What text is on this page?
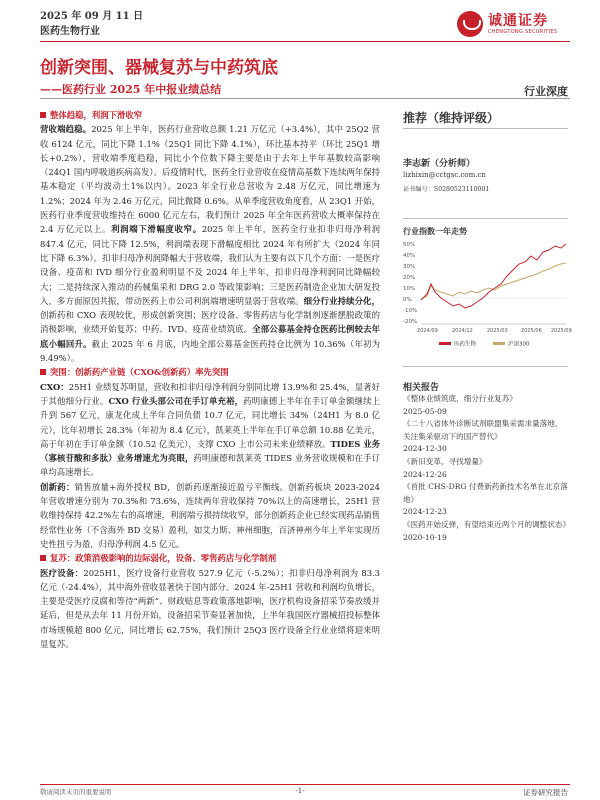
2025 年 09 月 11 日
医药生物行业
诚通证券
CHENGTONG SECURITIES
创新突围、器械复苏与中药筑底
——医药行业 2025 年中报业绩总结	行业深度
整体趋稳，利润下滑收窄

营收端趋稳。2025 年上半年，医药行业营收总额 1.21 万亿元（+3.4%），其中 25Q2 营收 6124 亿元，同比下降 1.1%（25Q1 同比下降 4.1%），环比基本持平（环比 25Q1 增长+0.2%），营收端季度趋稳，同比小个位数下降主要是由于去年上半年基数较高影响（24Q1 国内呼吸道疾病高发）。后疫情时代，医药全行业营收在疫情高基数下连续两年保持基本稳定（平均波动土1%以内）。2023 年全行业总营收为 2.48 万亿元，同比增速为 1.2%；2024 年为 2.46 万亿元，同比微降 0.6%。从单季度营收角度看，从 23Q1 开始，医药行业季度营收维持在 6000 亿元左右，我们预计 2025 年全年医药营收大概率保持在 2.4 万亿元以上。利润端下滑幅度收窄。2025 年上半年，医药全行业扣非归母净利润 847.4 亿元，同比下降 12.5%，利润端表现下滑幅度相比 2024 年有所扩大（2024 年同比下降 6.3%）。扣非归母净利润降幅大于营收端，我们认为主要有以下几个方面：一是医疗设备、疫苗和 IVD 细分行业盈利明显不及 2024 年上半年，扣非归母净利润同比降幅较大；二是持续深入推动的药械集采和 DRG 2.0 等政策影响；三是医药制造企业加大研发投入，多方面原因共振，带动医药上市公司利润端增速明显弱于营收端。细分行业持续分化，创新药和 CXO 表现较优，形成创新突围；医疗设备、零售药店与化学制剂逐渐摆脱政策的消极影响，业绩开始复苏；中药、IVD、疫苗业绩筑底。全部公募基金持仓医药比例较去年底小幅回升。截止 2025 年 6 月底，内地全部公募基金医药持仓比例为 10.36%（年初为 9.49%）。

突围：创新药产业链（CXO&创新药）率先突围

CXO：25H1 业绩复苏明显，营收和扣非归母净利润分别同比增 13.9%和 25.4%，显著好于其他细分行业。CXO 行业头部公司在手订单充裕，药明康德上半年在手订单金额继续上升到 567 亿元，康龙化成上半年合同负债 10.7 亿元，同比增长 34%（24H1 为 8.0 亿元），比年初增长 28.3%（年初为 8.4 亿元），凯莱英上半年在手订单总额 10.88 亿美元，高于年初在手订单金额（10.52 亿美元），支撑 CXO 上市公司未来业绩释放。TIDES 业务（寡核苷酸和多肽）业务增速尤为亮眼，药明康德和凯莱英 TIDES 业务营收规模和在手订单均高速增长。

创新药：销售放量+海外授权 BD，创新药逐渐接近盈亏平衡线。创新药板块 2023-2024 年营收增速分别为 70.3%和 73.6%，连续两年营收保持 70%以上的高速增长，25H1 营收维持保持 42.2%左右的高增速，利润端亏损持续收窄，部分创新药企业已经实现药品销售经常性业务（不含海外 BD 交易）盈利，如艾力斯、神州细胞，百济神州今年上半年实现历史性扭亏为盈，归母净利润 4.5 亿元。

复苏：政策消极影响的边际弱化，设备、零售药店与化学制剂

医疗设备：2025H1，医疗设备行业营收 527.9 亿元（-5.2%）；扣非归母净利润为 83.3 亿元（-24.4%），其中海外营收显著快于国内部分。2024 年-25H1 营收和利润均负增长，主要是受医疗反腐和等待“两新”、财政贴息等政策落地影响，医疗机构设备招采节奏放缓并延后，但是从去年 11 月份开始，设备招采节奏显著加快，上半年我国医疗器械招投标整体市场规模超 800 亿元，同比增长 62.75%，我们预计 25Q3 医疗设备全行业业绩将迎来明显复苏。

推荐（维持评级）
李志新（分析师）
lizhixin@cctgsc.com.cn
证书编号：S0280523110001
行业指数一年走势
50%
40%
30%
20%
10%
0%
-10%
-20%
2024/09	2024/12	2025/03	2025/06 2025/09
医药生物	沪深300
相关报告
《整体业绩筑底，细分行业复苏》
2025-05-09
《二十八省体外诊断试剂联盟集采需求量落地，关注集采驱动下的国产替代》
2024-12-30
《新旧变革，寻找增量》
2024-12-26
《首批 CHS-DRG 付费新药新技术名单在北京落地》
2024-12-23
《医药开始反弹，有望结束近两个月的调整状态》
2020-10-19
敬请阅读末页的重要说明	-1-	证券研究报告
